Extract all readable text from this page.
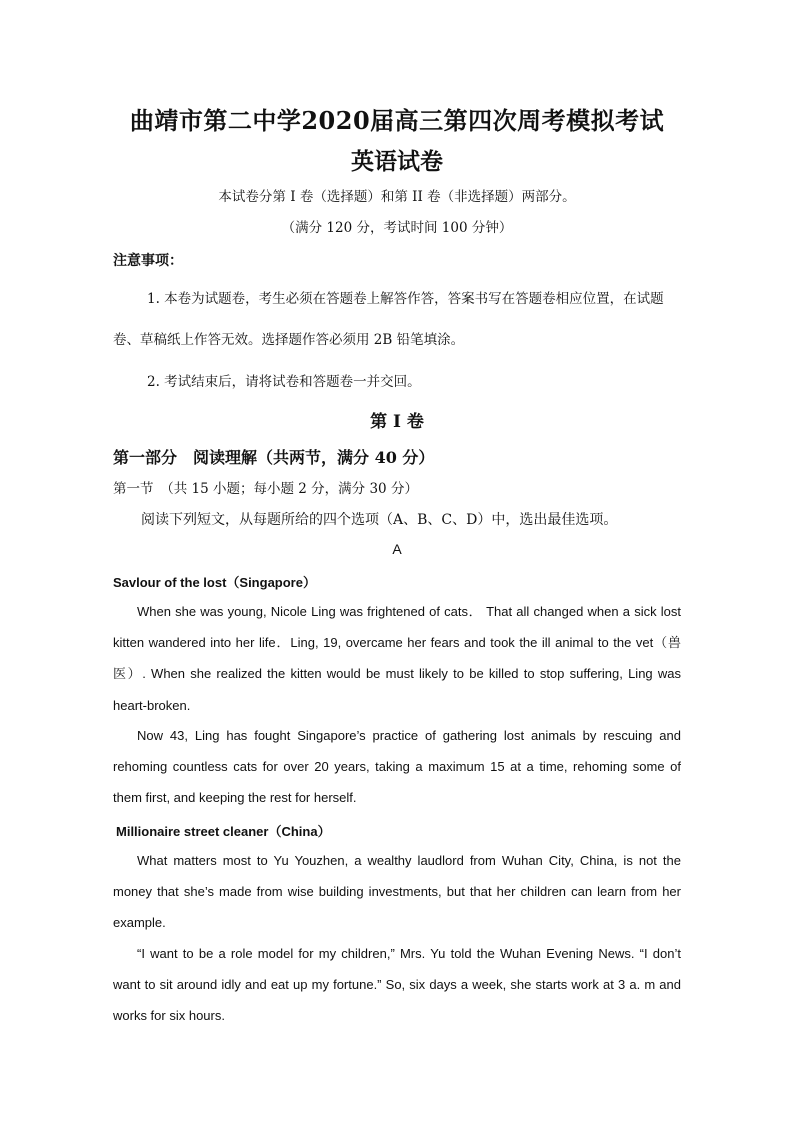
曲靖市第二中学2020届高三第四次周考模拟考试
英语试卷
本试卷分第 I 卷（选择题）和第 II 卷（非选择题）两部分。
（满分 120 分，考试时间 100 分钟）
注意事项：
1. 本卷为试题卷，考生必须在答题卷上解答作答，答案书写在答题卷相应位置，在试题
卷、草稿纸上作答无效。选择题作答必须用 2B 铅笔填涂。
2. 考试结束后，请将试卷和答题卷一并交回。
第 I 卷
第一部分　阅读理解（共两节，满分 40 分）
第一节　（共 15 小题；每小题 2 分，满分 30 分）
阅读下列短文，从每题所给的四个选项（A、B、C、D）中，选出最佳选项。
A
Savlour of the lost（Singapore）
When she was young, Nicole Ling was frightened of cats． That all changed when a sick lost kitten wandered into her life．Ling, 19, overcame her fears and took the ill animal to the vet（兽医）. When she realized the kitten would be must likely to be killed to stop suffering, Ling was heart-broken.
Now 43, Ling has fought Singapore’s practice of gathering lost animals by rescuing and rehoming countless cats for over 20 years, taking a maximum 15 at a time, rehoming some of them first, and keeping the rest for herself.
Millionaire street cleaner（China）
What matters most to Yu Youzhen, a wealthy laudlord from Wuhan City, China, is not the money that she’s made from wise building investments, but that her children can learn from her example.
“I want to be a role model for my children,” Mrs. Yu told the Wuhan Evening News. “I don’t want to sit around idly and eat up my fortune.” So, six days a week, she starts work at 3 a. m and works for six hours.
